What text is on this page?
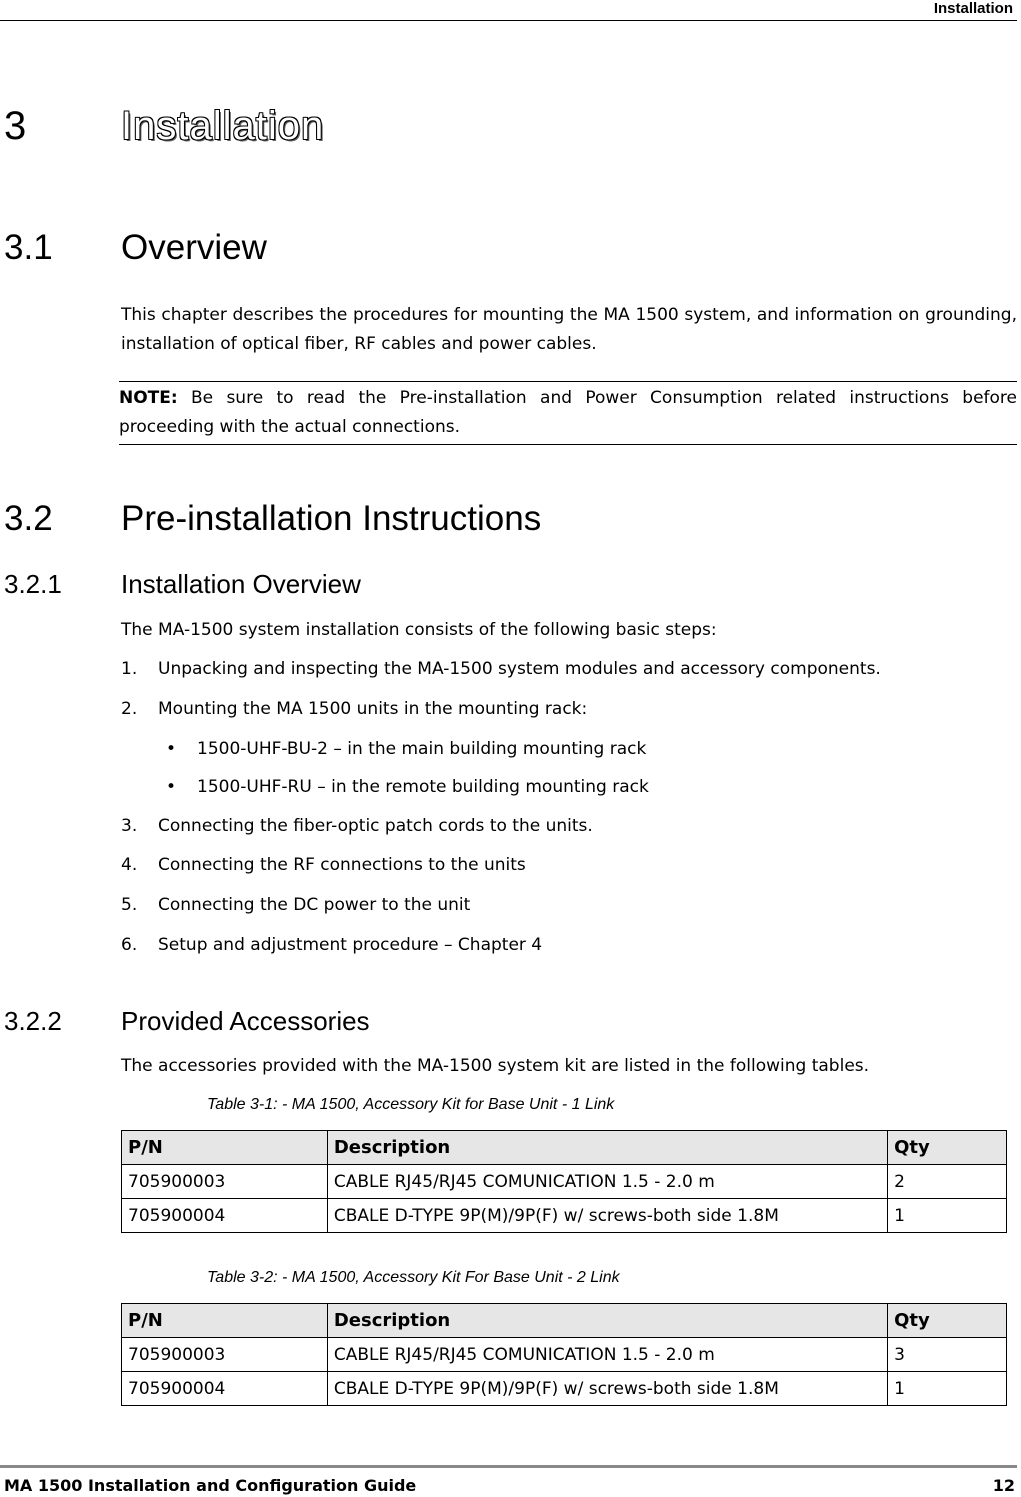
Installation
3 Installation
3.1 Overview
This chapter describes the procedures for mounting the MA 1500 system, and information on grounding, installation of optical fiber, RF cables and power cables.
NOTE: Be sure to read the Pre-installation and Power Consumption related instructions before proceeding with the actual connections.
3.2 Pre-installation Instructions
3.2.1 Installation Overview
The MA-1500 system installation consists of the following basic steps:
1. Unpacking and inspecting the MA-1500 system modules and accessory components.
2. Mounting the MA 1500 units in the mounting rack:
• 1500-UHF-BU-2 – in the main building mounting rack
• 1500-UHF-RU – in the remote building mounting rack
3. Connecting the fiber-optic patch cords to the units.
4. Connecting the RF connections to the units
5. Connecting the DC power to the unit
6. Setup and adjustment procedure – Chapter 4
3.2.2 Provided Accessories
The accessories provided with the MA-1500 system kit are listed in the following tables.
Table 3-1: - MA 1500, Accessory Kit for Base Unit - 1 Link
P/N	Description	Qty
705900003	CABLE RJ45/RJ45 COMUNICATION 1.5 - 2.0 m	2
705900004	CBALE D-TYPE 9P(M)/9P(F) w/ screws-both side 1.8M	1
Table 3-2: - MA 1500, Accessory Kit For Base Unit - 2 Link
P/N	Description	Qty
705900003	CABLE RJ45/RJ45 COMUNICATION 1.5 - 2.0 m	3
705900004	CBALE D-TYPE 9P(M)/9P(F) w/ screws-both side 1.8M	1
MA 1500 Installation and Configuration Guide	12
